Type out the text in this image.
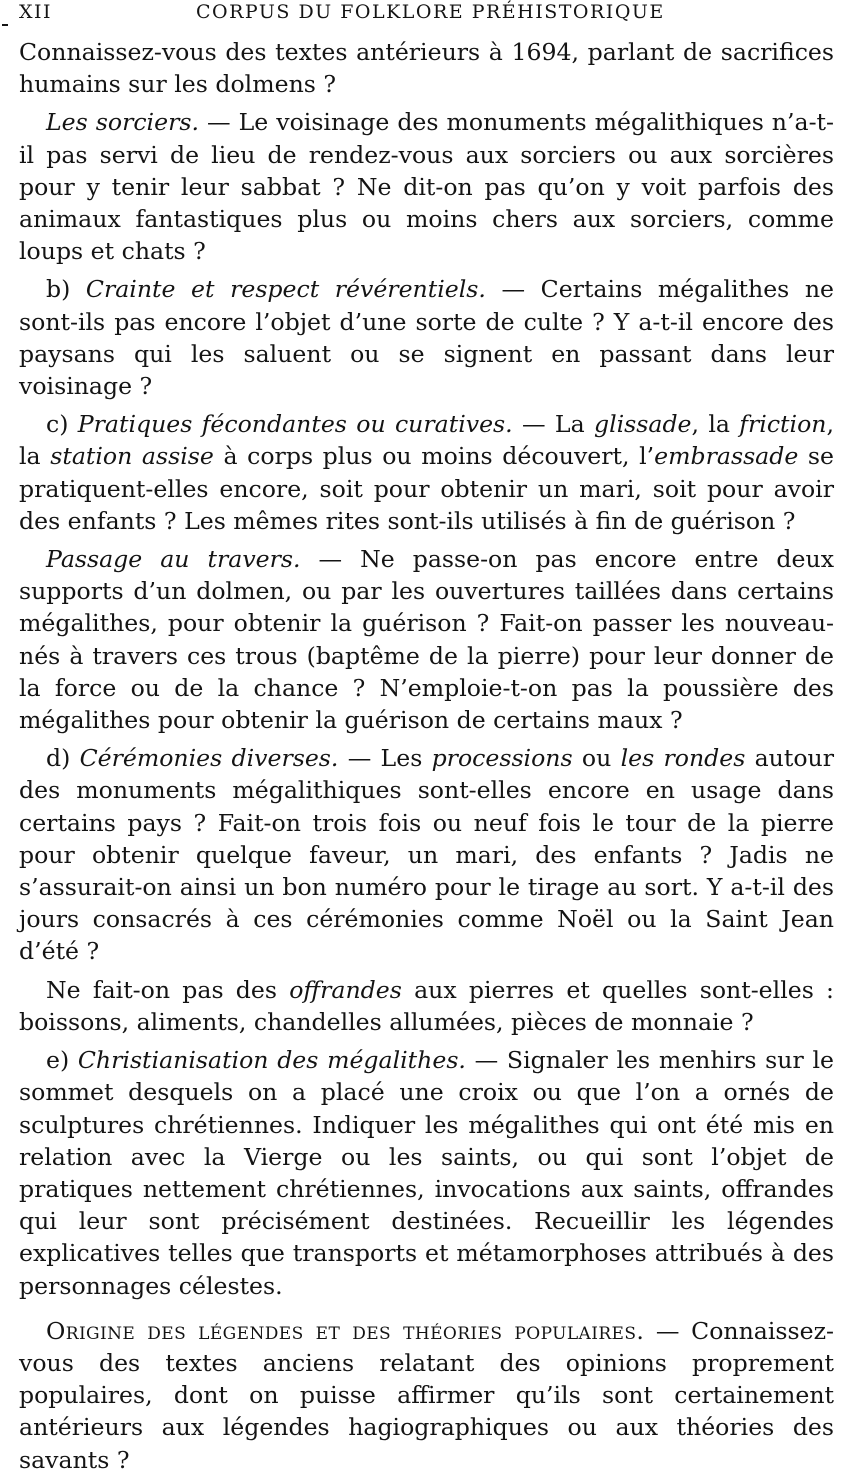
XII	CORPUS DU FOLKLORE PRÉHISTORIQUE

Connaissez-vous des textes antérieurs à 1694, parlant de sacrifices humains sur les dolmens ?

Les sorciers. — Le voisinage des monuments mégalithiques n’a-t-il pas servi de lieu de rendez-vous aux sorciers ou aux sorcières pour y tenir leur sabbat ? Ne dit-on pas qu’on y voit parfois des animaux fantastiques plus ou moins chers aux sorciers, comme loups et chats ?

b) Crainte et respect révérentiels. — Certains mégalithes ne sont-ils pas encore l’objet d’une sorte de culte ? Y a-t-il encore des paysans qui les saluent ou se signent en passant dans leur voisinage ?

c) Pratiques fécondantes ou curatives. — La glissade, la friction, la station assise à corps plus ou moins découvert, l’embrassade se pratiquent-elles encore, soit pour obtenir un mari, soit pour avoir des enfants ? Les mêmes rites sont-ils utilisés à fin de guérison ?

Passage au travers. — Ne passe-on pas encore entre deux supports d’un dolmen, ou par les ouvertures taillées dans certains mégalithes, pour obtenir la guérison ? Fait-on passer les nouveau-nés à travers ces trous (baptême de la pierre) pour leur donner de la force ou de la chance ? N’emploie-t-on pas la poussière des mégalithes pour obtenir la guérison de certains maux ?

d) Cérémonies diverses. — Les processions ou les rondes autour des monuments mégalithiques sont-elles encore en usage dans certains pays ? Fait-on trois fois ou neuf fois le tour de la pierre pour obtenir quelque faveur, un mari, des enfants ? Jadis ne s’assurait-on ainsi un bon numéro pour le tirage au sort. Y a-t-il des jours consacrés à ces cérémonies comme Noël ou la Saint Jean d’été ?

Ne fait-on pas des offrandes aux pierres et quelles sont-elles : boissons, aliments, chandelles allumées, pièces de monnaie ?

e) Christianisation des mégalithes. — Signaler les menhirs sur le sommet desquels on a placé une croix ou que l’on a ornés de sculptures chrétiennes. Indiquer les mégalithes qui ont été mis en relation avec la Vierge ou les saints, ou qui sont l’objet de pratiques nettement chrétiennes, invocations aux saints, offrandes qui leur sont précisément destinées. Recueillir les légendes explicatives telles que transports et métamorphoses attribués à des personnages célestes.

Origine des légendes et des théories populaires. — Connaissez-vous des textes anciens relatant des opinions proprement populaires, dont on puisse affirmer qu’ils sont certainement antérieurs aux légendes hagiographiques ou aux théories des savants ?
